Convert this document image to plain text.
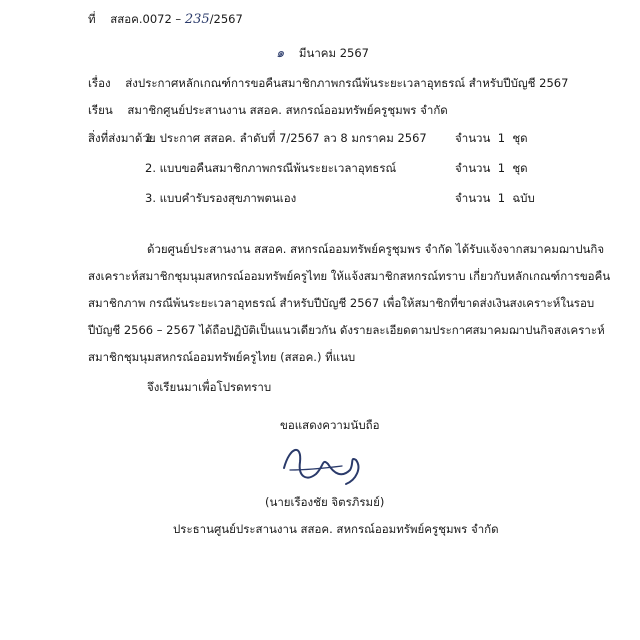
ที่ สสอค.0072 – 235/2567
๑ มีนาคม 2567
เรื่อง ส่งประกาศหลักเกณฑ์การขอคืนสมาชิกภาพกรณีพ้นระยะเวลาอุทธรณ์ สำหรับปีบัญชี 2567
เรียน สมาชิกศูนย์ประสานงาน สสอค. สหกรณ์ออมทรัพย์ครูชุมพร จำกัด
สิ่งที่ส่งมาด้วย
1. ประกาศ สสอค. ลำดับที่ 7/2567 ลว 8 มกราคม 2567 จำนวน 1 ชุด
2. แบบขอคืนสมาชิกภาพกรณีพ้นระยะเวลาอุทธรณ์	จำนวน 1 ชุด
3. แบบคำรับรองสุขภาพตนเอง	จำนวน 1 ฉบับ
ด้วยศูนย์ประสานงาน สสอค. สหกรณ์ออมทรัพย์ครูชุมพร จำกัด ได้รับแจ้งจากสมาคมฌาปนกิจ
สงเคราะห์สมาชิกชุมนุมสหกรณ์ออมทรัพย์ครูไทย ให้แจ้งสมาชิกสหกรณ์ทราบ เกี่ยวกับหลักเกณฑ์การขอคืน
สมาชิกภาพ กรณีพ้นระยะเวลาอุทธรณ์ สำหรับปีบัญชี 2567 เพื่อให้สมาชิกที่ขาดส่งเงินสงเคราะห์ในรอบ
ปีบัญชี 2566 – 2567 ได้ถือปฏิบัติเป็นแนวเดียวกัน ดังรายละเอียดตามประกาศสมาคมฌาปนกิจสงเคราะห์
สมาชิกชุมนุมสหกรณ์ออมทรัพย์ครูไทย (สสอค.) ที่แนบ
จึงเรียนมาเพื่อโปรดทราบ
ขอแสดงความนับถือ
(นายเรืองชัย จิตรภิรมย์)
ประธานศูนย์ประสานงาน สสอค. สหกรณ์ออมทรัพย์ครูชุมพร จำกัด
